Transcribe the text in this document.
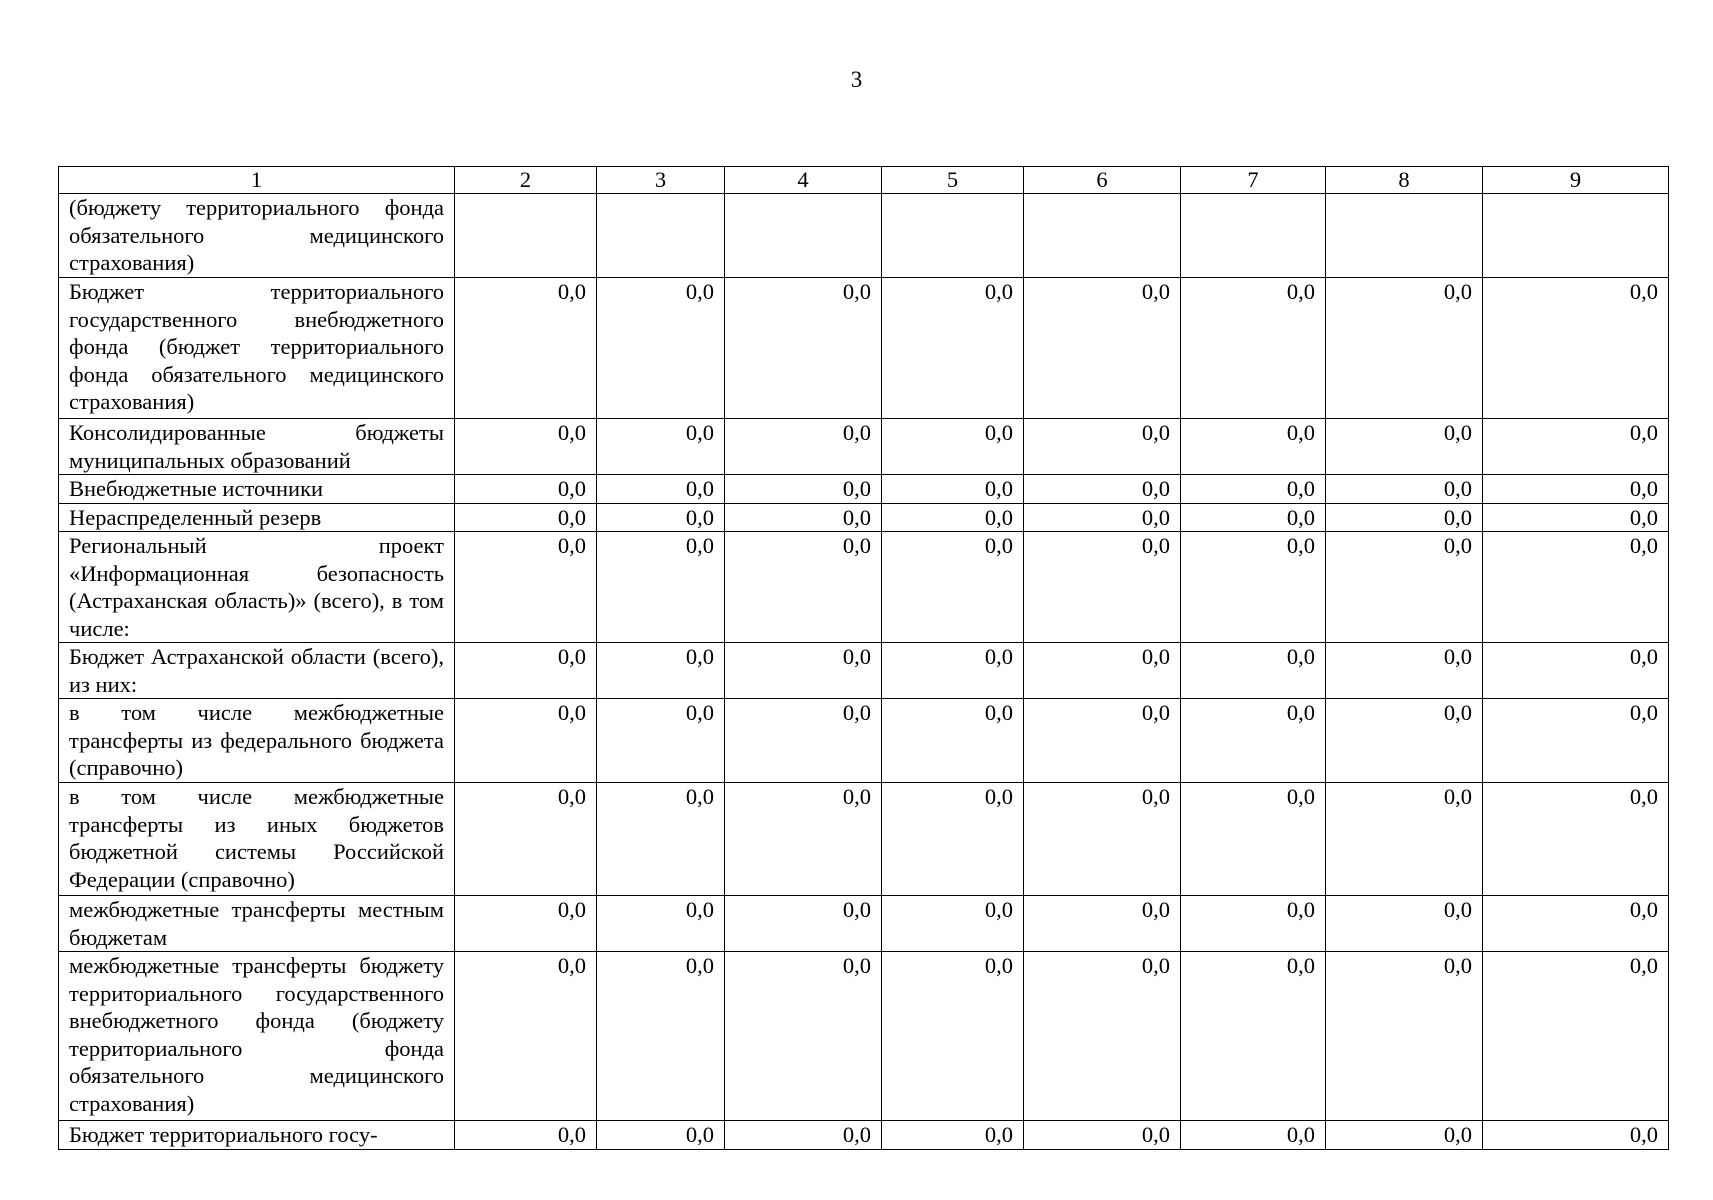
3
1	2	3	4	5	6	7	8	9
(бюджету территориального фонда обязательного медицинского страхования)								
Бюджет территориального государственного внебюджетного фонда (бюджет территориального фонда обязательного медицинского страхования)	0,0	0,0	0,0	0,0	0,0	0,0	0,0	0,0
Консолидированные бюджеты муниципальных образований	0,0	0,0	0,0	0,0	0,0	0,0	0,0	0,0
Внебюджетные источники	0,0	0,0	0,0	0,0	0,0	0,0	0,0	0,0
Нераспределенный резерв	0,0	0,0	0,0	0,0	0,0	0,0	0,0	0,0
Региональный проект «Информационная безопасность (Астраханская область)» (всего), в том числе:	0,0	0,0	0,0	0,0	0,0	0,0	0,0	0,0
Бюджет Астраханской области (всего), из них:	0,0	0,0	0,0	0,0	0,0	0,0	0,0	0,0
в том числе межбюджетные трансферты из федерального бюджета (справочно)	0,0	0,0	0,0	0,0	0,0	0,0	0,0	0,0
в том числе межбюджетные трансферты из иных бюджетов бюджетной системы Российской Федерации (справочно)	0,0	0,0	0,0	0,0	0,0	0,0	0,0	0,0
межбюджетные трансферты местным бюджетам	0,0	0,0	0,0	0,0	0,0	0,0	0,0	0,0
межбюджетные трансферты бюджету территориального государственного внебюджетного фонда (бюджету территориального фонда обязательного медицинского страхования)	0,0	0,0	0,0	0,0	0,0	0,0	0,0	0,0
Бюджет территориального госу-	0,0	0,0	0,0	0,0	0,0	0,0	0,0	0,0
